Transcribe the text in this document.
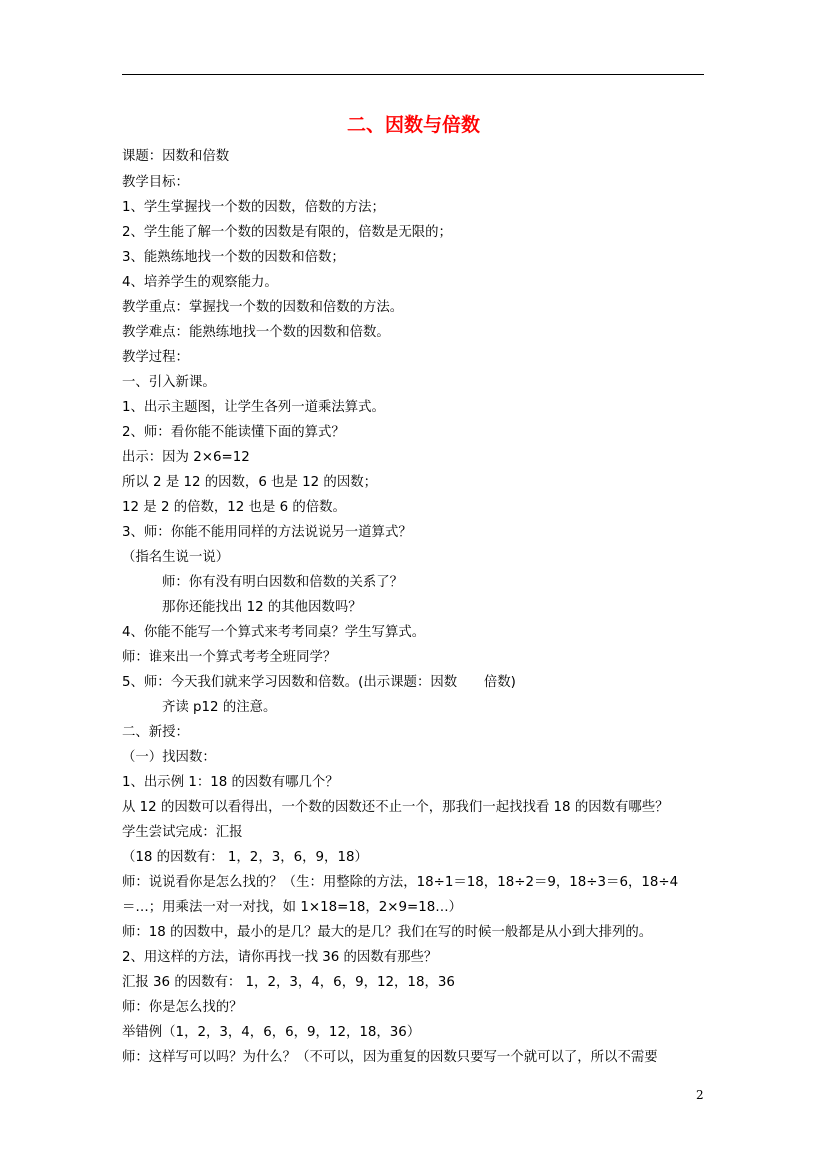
二、因数与倍数
课题：因数和倍数
教学目标：
1、学生掌握找一个数的因数，倍数的方法；
2、学生能了解一个数的因数是有限的，倍数是无限的；
3、能熟练地找一个数的因数和倍数；
4、培养学生的观察能力。
教学重点：掌握找一个数的因数和倍数的方法。
教学难点：能熟练地找一个数的因数和倍数。
教学过程：
一、引入新课。
1、出示主题图，让学生各列一道乘法算式。
2、师：看你能不能读懂下面的算式？
出示：因为 2×6=12
所以 2 是 12 的因数，6 也是 12 的因数；
12 是 2 的倍数，12 也是 6 的倍数。
3、师：你能不能用同样的方法说说另一道算式？
（指名生说一说）
师：你有没有明白因数和倍数的关系了？
那你还能找出 12 的其他因数吗？
4、你能不能写一个算式来考考同桌？学生写算式。
师：谁来出一个算式考考全班同学？
5、师：今天我们就来学习因数和倍数。(出示课题：因数　　倍数)
齐读 p12 的注意。
二、新授：
（一）找因数：
1、出示例 1：18 的因数有哪几个？
从 12 的因数可以看得出，一个数的因数还不止一个，那我们一起找找看 18 的因数有哪些？
学生尝试完成：汇报
（18 的因数有： 1，2，3，6，9，18）
师：说说看你是怎么找的？（生：用整除的方法，18÷1＝18，18÷2＝9，18÷3＝6，18÷4
＝…；用乘法一对一对找，如 1×18=18，2×9=18…）
师：18 的因数中，最小的是几？最大的是几？我们在写的时候一般都是从小到大排列的。
2、用这样的方法，请你再找一找 36 的因数有那些？
汇报 36 的因数有： 1，2，3，4，6，9，12，18，36
师：你是怎么找的？
举错例（1，2，3，4，6，6，9，12，18，36）
师：这样写可以吗？为什么？（不可以，因为重复的因数只要写一个就可以了，所以不需要
2
